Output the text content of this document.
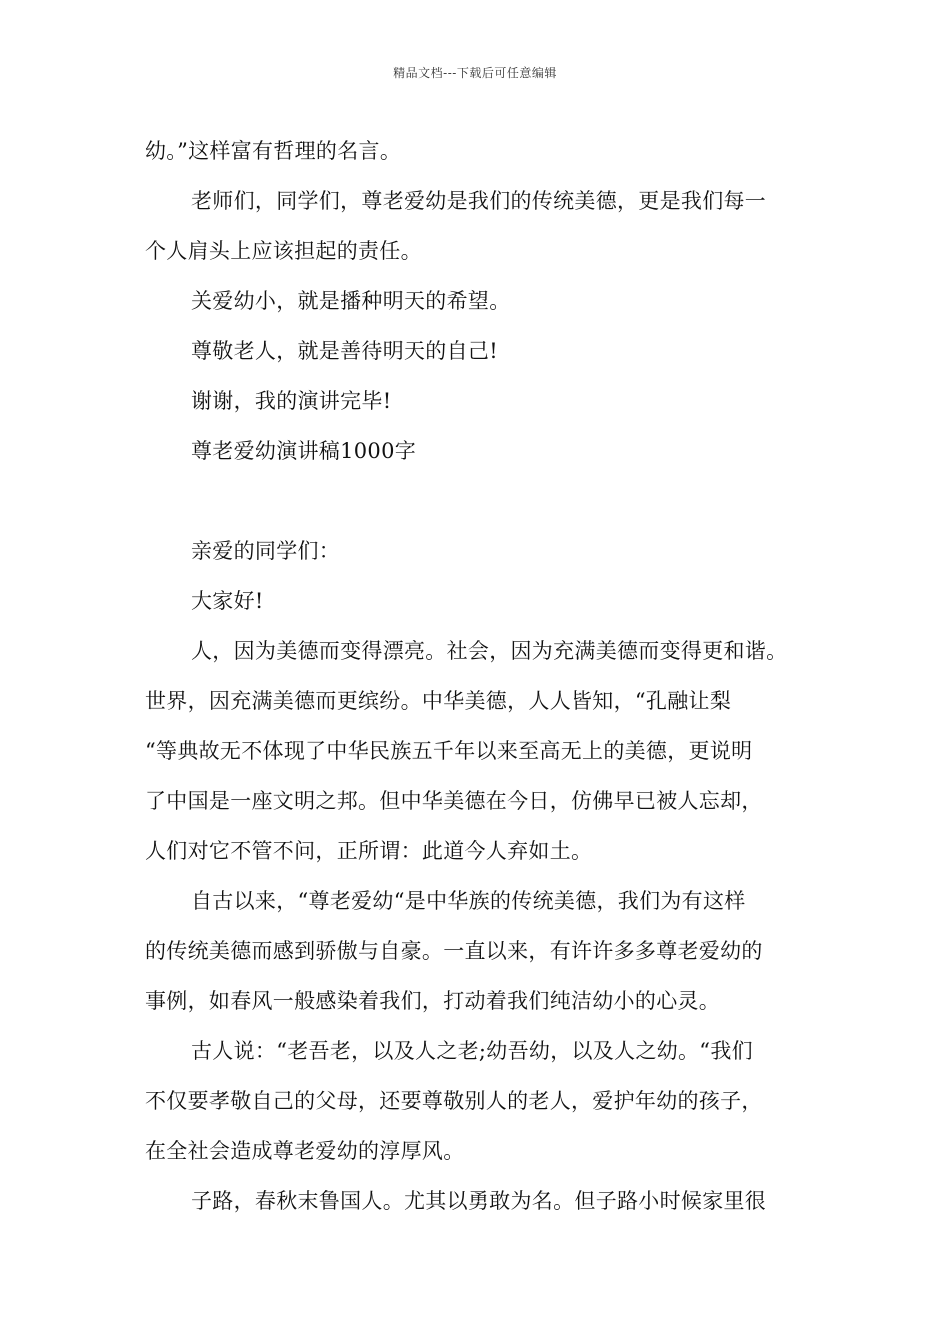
精品文档---下载后可任意编辑
幼。”这样富有哲理的名言。
老师们，同学们，尊老爱幼是我们的传统美德，更是我们每一
个人肩头上应该担起的责任。
关爱幼小，就是播种明天的希望。
尊敬老人，就是善待明天的自己!
谢谢，我的演讲完毕!
尊老爱幼演讲稿1000字
亲爱的同学们：
大家好!
人，因为美德而变得漂亮。社会，因为充满美德而变得更和谐。
世界，因充满美德而更缤纷。中华美德，人人皆知，“孔融让梨
“等典故无不体现了中华民族五千年以来至高无上的美德，更说明
了中国是一座文明之邦。但中华美德在今日，仿佛早已被人忘却，
人们对它不管不问，正所谓：此道今人弃如土。
自古以来，“尊老爱幼“是中华族的传统美德，我们为有这样
的传统美德而感到骄傲与自豪。一直以来，有许许多多尊老爱幼的
事例，如春风一般感染着我们，打动着我们纯洁幼小的心灵。
古人说：“老吾老，以及人之老;幼吾幼，以及人之幼。“我们
不仅要孝敬自己的父母，还要尊敬别人的老人，爱护年幼的孩子，
在全社会造成尊老爱幼的淳厚风。
子路，春秋末鲁国人。尤其以勇敢为名。但子路小时候家里很
